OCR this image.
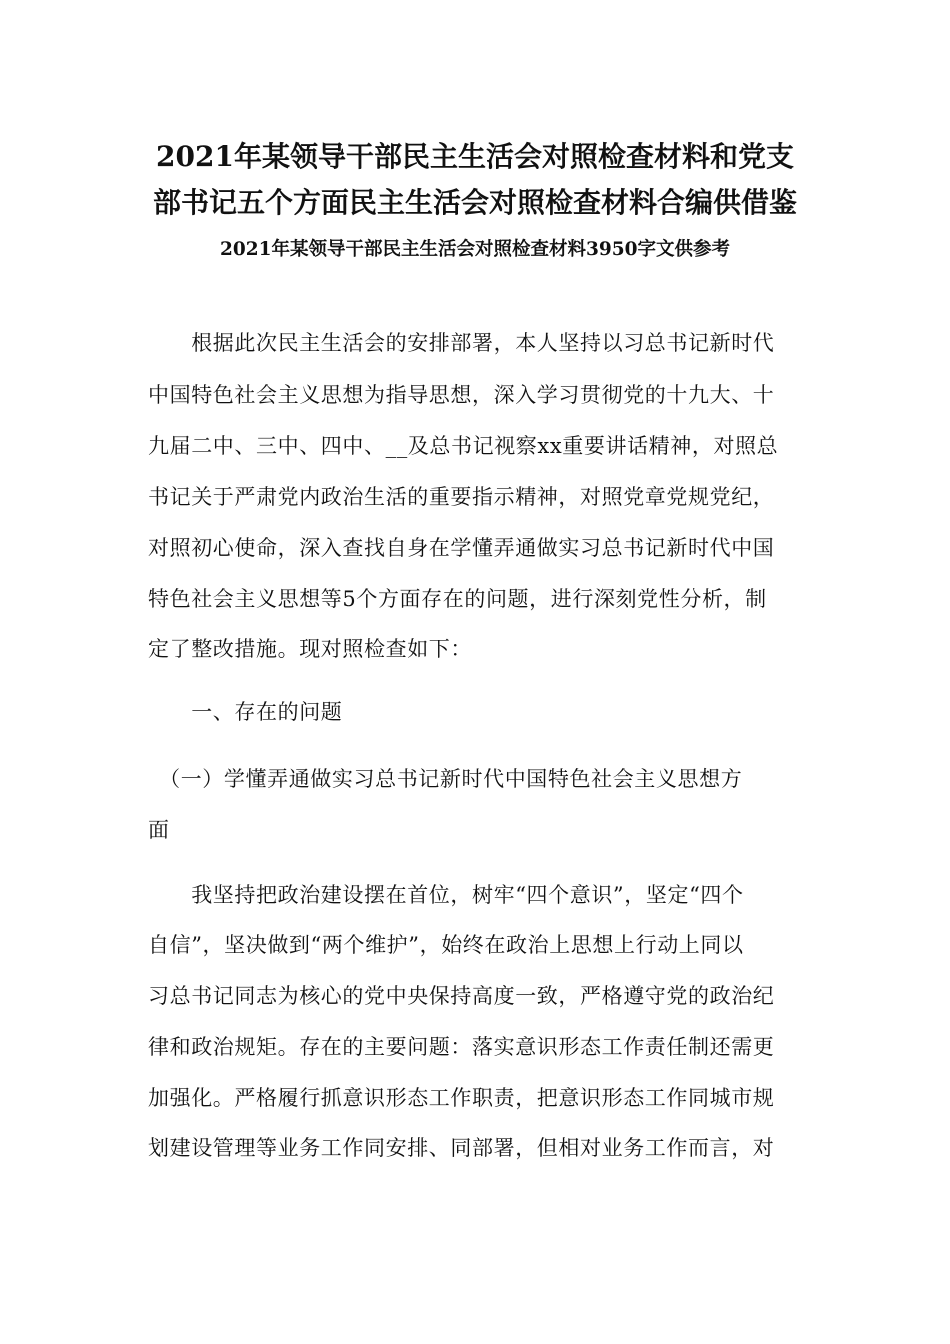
2021年某领导干部民主生活会对照检查材料和党支
部书记五个方面民主生活会对照检查材料合编供借鉴
2021年某领导干部民主生活会对照检查材料3950字文供参考
　　根据此次民主生活会的安排部署，本人坚持以习总书记新时代
中国特色社会主义思想为指导思想，深入学习贯彻党的十九大、十
九届二中、三中、四中、__及总书记视察xx重要讲话精神，对照总
书记关于严肃党内政治生活的重要指示精神，对照党章党规党纪，
对照初心使命，深入查找自身在学懂弄通做实习总书记新时代中国
特色社会主义思想等5个方面存在的问题，进行深刻党性分析，制
定了整改措施。现对照检查如下：
　　一、存在的问题
　（一）学懂弄通做实习总书记新时代中国特色社会主义思想方
面
　　我坚持把政治建设摆在首位，树牢“四个意识”，坚定“四个
自信”，坚决做到“两个维护”，始终在政治上思想上行动上同以
习总书记同志为核心的党中央保持高度一致，严格遵守党的政治纪
律和政治规矩。存在的主要问题：落实意识形态工作责任制还需更
加强化。严格履行抓意识形态工作职责，把意识形态工作同城市规
划建设管理等业务工作同安排、同部署，但相对业务工作而言，对
